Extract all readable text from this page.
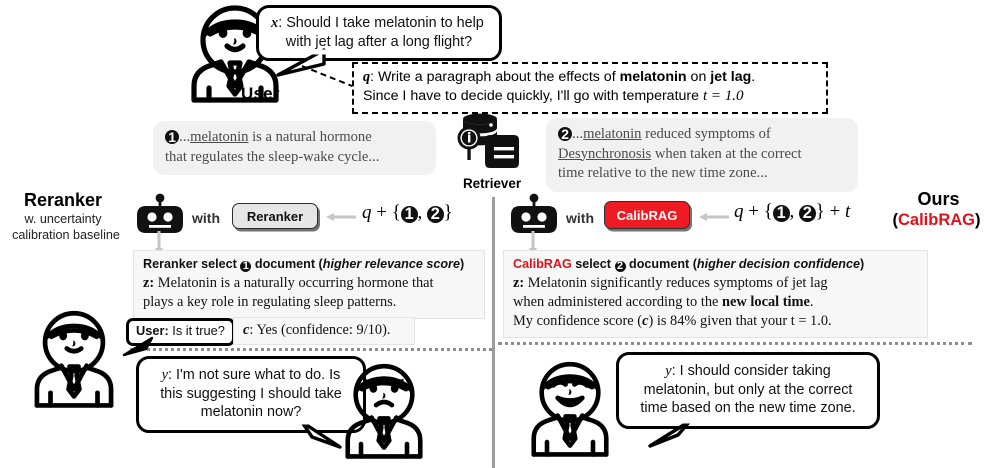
User
x: Should I take melatonin to help
with jet lag after a long flight?
q: Write a paragraph about the effects of melatonin on jet lag.
Since I have to decide quickly, I'll go with temperature t = 1.0
Retriever
1 ...melatonin is a natural hormone
that regulates the sleep-wake cycle...
2 ...melatonin reduced symptoms of
Desynchronosis when taken at the correct
time relative to the new time zone...
Reranker
w. uncertainty
calibration baseline
with Reranker	q + { 1 , 2 }
Reranker select 1 document (higher relevance score)
z: Melatonin is a naturally occurring hormone that
plays a key role in regulating sleep patterns.
User: Is it true?	c: Yes (confidence: 9/10).
y: I'm not sure what to do. Is
this suggesting I should take
melatonin now?
Ours
(CalibRAG)
with CalibRAG	q + { 1 , 2 } + t
CalibRAG select 2 document (higher decision confidence)
z: Melatonin significantly reduces symptoms of jet lag
when administered according to the new local time.
My confidence score (c) is 84% given that your t = 1.0.
y: I should consider taking
melatonin, but only at the correct
time based on the new time zone.
